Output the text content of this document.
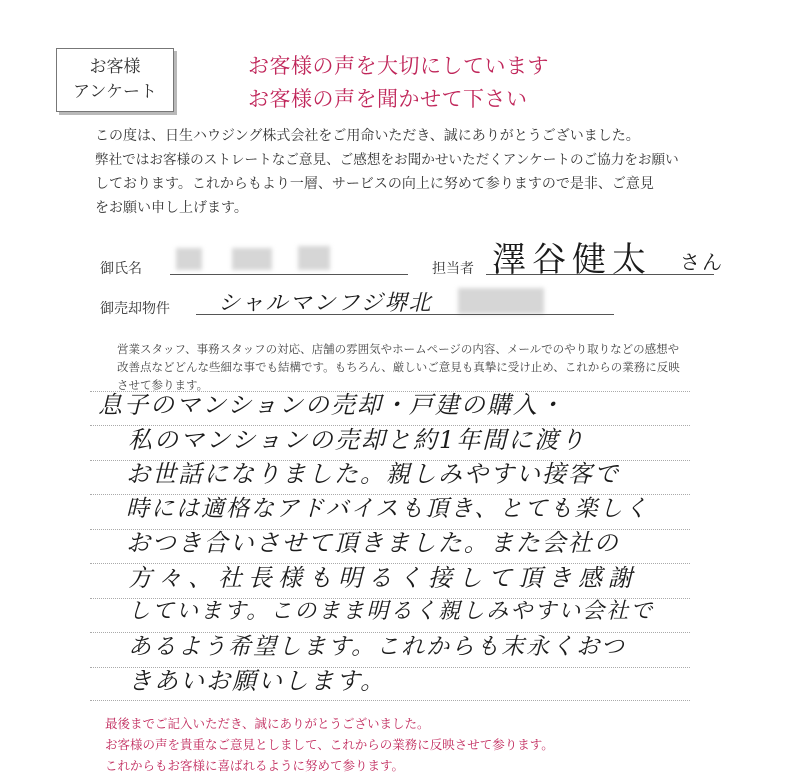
お客様
アンケート
お客様の声を大切にしています
お客様の声を聞かせて下さい
この度は、日生ハウジング株式会社をご用命いただき、誠にありがとうございました。
弊社ではお客様のストレートなご意見、ご感想をお聞かせいただくアンケートのご協力をお願い
しております。これからもより一層、サービスの向上に努めて参りますので是非、ご意見
をお願い申し上げます。
御氏名	担当者 澤谷健太 さん
御売却物件 シャルマンフジ堺北
営業スタッフ、事務スタッフの対応、店舗の雰囲気やホームページの内容、メールでのやり取りなどの感想や
改善点などどんな些細な事でも結構です。もちろん、厳しいご意見も真摯に受け止め、これからの業務に反映
させて参ります。
息子のマンションの売却・戸建の購入・
私のマンションの売却と約1年間に渡り
お世話になりました。親しみやすい接客で
時には適格なアドバイスも頂き、とても楽しく
おつき合いさせて頂きました。また会社の
方々、社長様も明るく接して頂き感謝
しています。このまま明るく親しみやすい会社で
あるよう希望します。これからも末永くおつ
きあいお願いします。
最後までご記入いただき、誠にありがとうございました。
お客様の声を貴重なご意見としまして、これからの業務に反映させて参ります。
これからもお客様に喜ばれるように努めて参ります。
